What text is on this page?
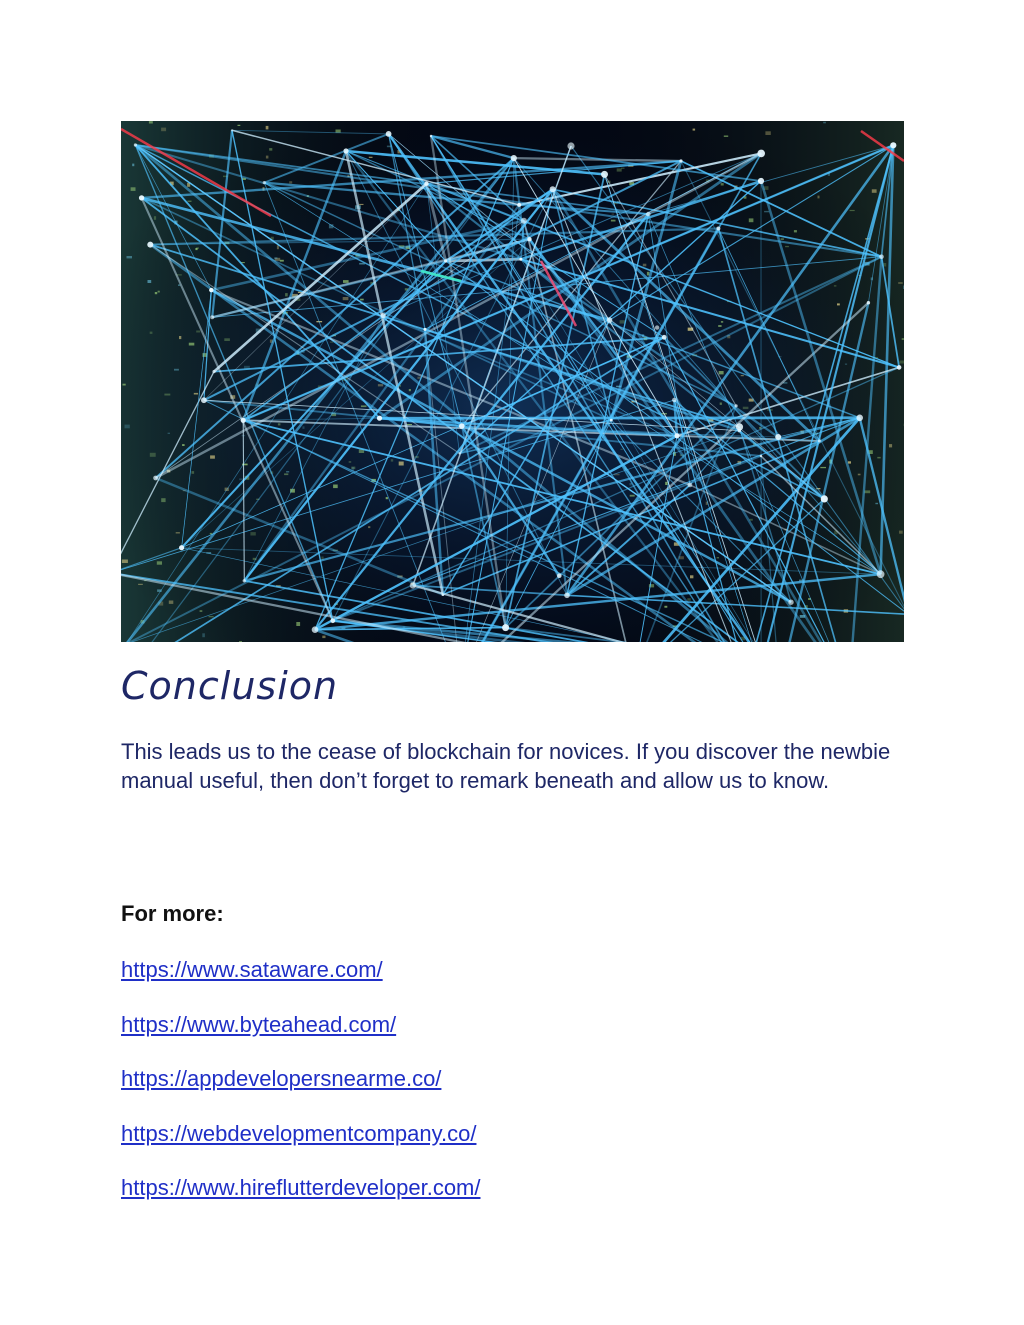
Conclusion

This leads us to the cease of blockchain for novices. If you discover the newbie manual useful, then don’t forget to remark beneath and allow us to know.

For more:

https://www.sataware.com/
https://www.byteahead.com/
https://appdevelopersnearme.co/
https://webdevelopmentcompany.co/
https://www.hireflutterdeveloper.com/
